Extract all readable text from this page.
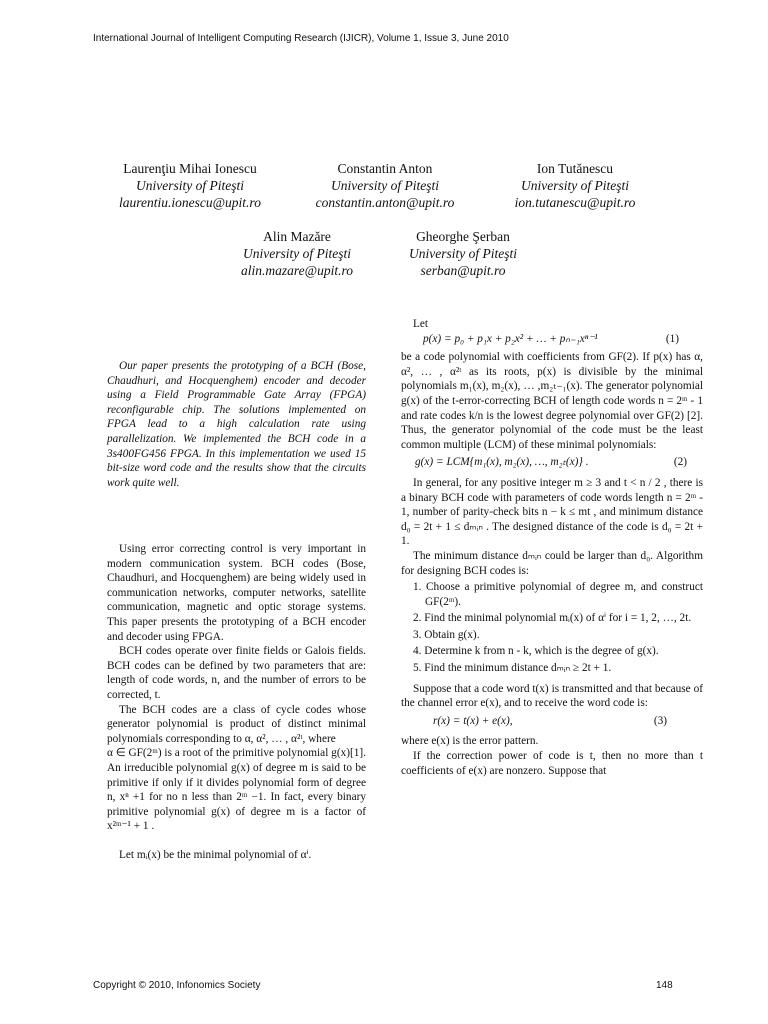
International Journal of Intelligent Computing Research (IJICR), Volume 1, Issue 3, June 2010
Laurenţiu Mihai Ionescu
University of Piteşti
laurentiu.ionescu@upit.ro
Constantin Anton
University of Piteşti
constantin.anton@upit.ro
Ion Tutănescu
University of Piteşti
ion.tutanescu@upit.ro
Alin Mazăre
University of Piteşti
alin.mazare@upit.ro
Gheorghe Şerban
University of Piteşti
serban@upit.ro
Our paper presents the prototyping of a BCH (Bose, Chaudhuri, and Hocquenghem) encoder and decoder using a Field Programmable Gate Array (FPGA) reconfigurable chip. The solutions implemented on FPGA lead to a high calculation rate using parallelization. We implemented the BCH code in a 3s400FG456 FPGA. In this implementation we used 15 bit-size word code and the results show that the circuits work quite well.

Using error correcting control is very important in modern communication system. BCH codes (Bose, Chaudhuri, and Hocquenghem) are being widely used in communication networks, computer networks, satellite communication, magnetic and optic storage systems. This paper presents the prototyping of a BCH encoder and decoder using FPGA.

BCH codes operate over finite fields or Galois fields. BCH codes can be defined by two parameters that are: length of code words, n, and the number of errors to be corrected, t.

The BCH codes are a class of cycle codes whose generator polynomial is product of distinct minimal polynomials corresponding to α, α², … , α²ᵗ, where

α ∈ GF(2ᵐ) is a root of the primitive polynomial g(x)[1]. An irreducible polynomial g(x) of degree m is said to be primitive if only if it divides polynomial form of degree n, xⁿ +1 for no n less than 2ᵐ −1. In fact, every binary primitive polynomial g(x) of degree m is a factor of x²ᵐ⁻¹ + 1 .

Let mᵢ(x) be the minimal polynomial of αⁱ.

Let

p(x) = p₀ + p₁x + p₂x² + … + pₙ₋₁xⁿ⁻¹	(1)

be a code polynomial with coefficients from GF(2). If p(x) has α, α², … , α²ᵗ as its roots, p(x) is divisible by the minimal polynomials m₁(x), m₂(x), … ,m₂ₜ₋₁(x). The generator polynomial g(x) of the t-error-correcting BCH of length code words n = 2ᵐ - 1 and rate codes k/n is the lowest degree polynomial over GF(2) [2]. Thus, the generator polynomial of the code must be the least common multiple (LCM) of these minimal polynomials:

g(x) = LCM{m₁(x), m₂(x), …, m₂ₜ(x)} .	(2)

In general, for any positive integer m ≥ 3 and t < n / 2 , there is a binary BCH code with parameters of code words length n = 2ᵐ - 1, number of parity-check bits n − k ≤ mt , and minimum distance d₀ = 2t + 1 ≤ dₘᵢₙ . The designed distance of the code is d₀ = 2t + 1.

The minimum distance dₘᵢₙ could be larger than d₀. Algorithm for designing BCH codes is:

1. Choose a primitive polynomial of degree m, and construct GF(2ᵐ).
2. Find the minimal polynomial mᵢ(x) of αⁱ for i = 1, 2, …, 2t.
3. Obtain g(x).
4. Determine k from n - k, which is the degree of g(x).
5. Find the minimum distance dₘᵢₙ ≥ 2t + 1.

Suppose that a code word t(x) is transmitted and that because of the channel error e(x), and to receive the word code is:

r(x) = t(x) + e(x),	(3)

where e(x) is the error pattern.

If the correction power of code is t, then no more than t coefficients of e(x) are nonzero. Suppose that

Copyright © 2010, Infonomics Society	148
